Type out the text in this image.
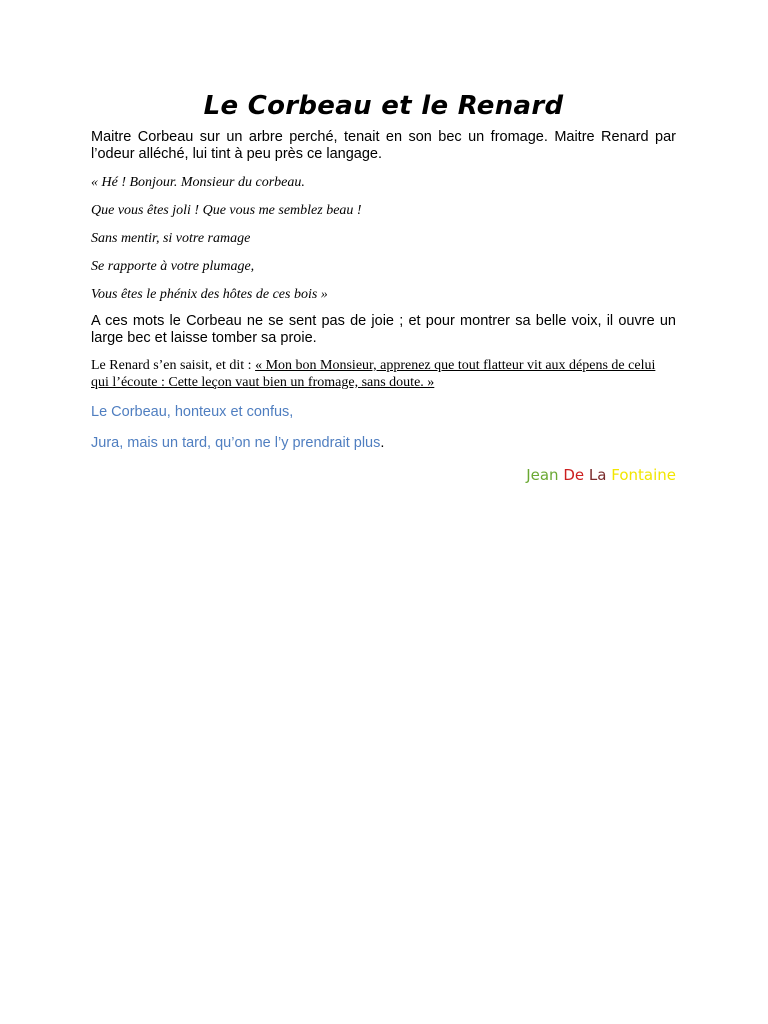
Le Corbeau et le Renard

Maitre Corbeau sur un arbre perché, tenait en son bec un fromage. Maitre Renard par l’odeur alléché, lui tint à peu près ce langage.

« Hé ! Bonjour. Monsieur du corbeau.

Que vous êtes joli ! Que vous me semblez beau !

Sans mentir, si votre ramage

Se rapporte à votre plumage,

Vous êtes le phénix des hôtes de ces bois »

A ces mots le Corbeau ne se sent pas de joie ; et pour montrer sa belle voix, il ouvre un large bec et laisse tomber sa proie.

Le Renard s’en saisit, et dit : « Mon bon Monsieur, apprenez que tout flatteur vit aux dépens de celui qui l’écoute : Cette leçon vaut bien un fromage, sans doute. »

Le Corbeau, honteux et confus,

Jura, mais un tard, qu’on ne l’y prendrait plus.

Jean De La Fontaine
